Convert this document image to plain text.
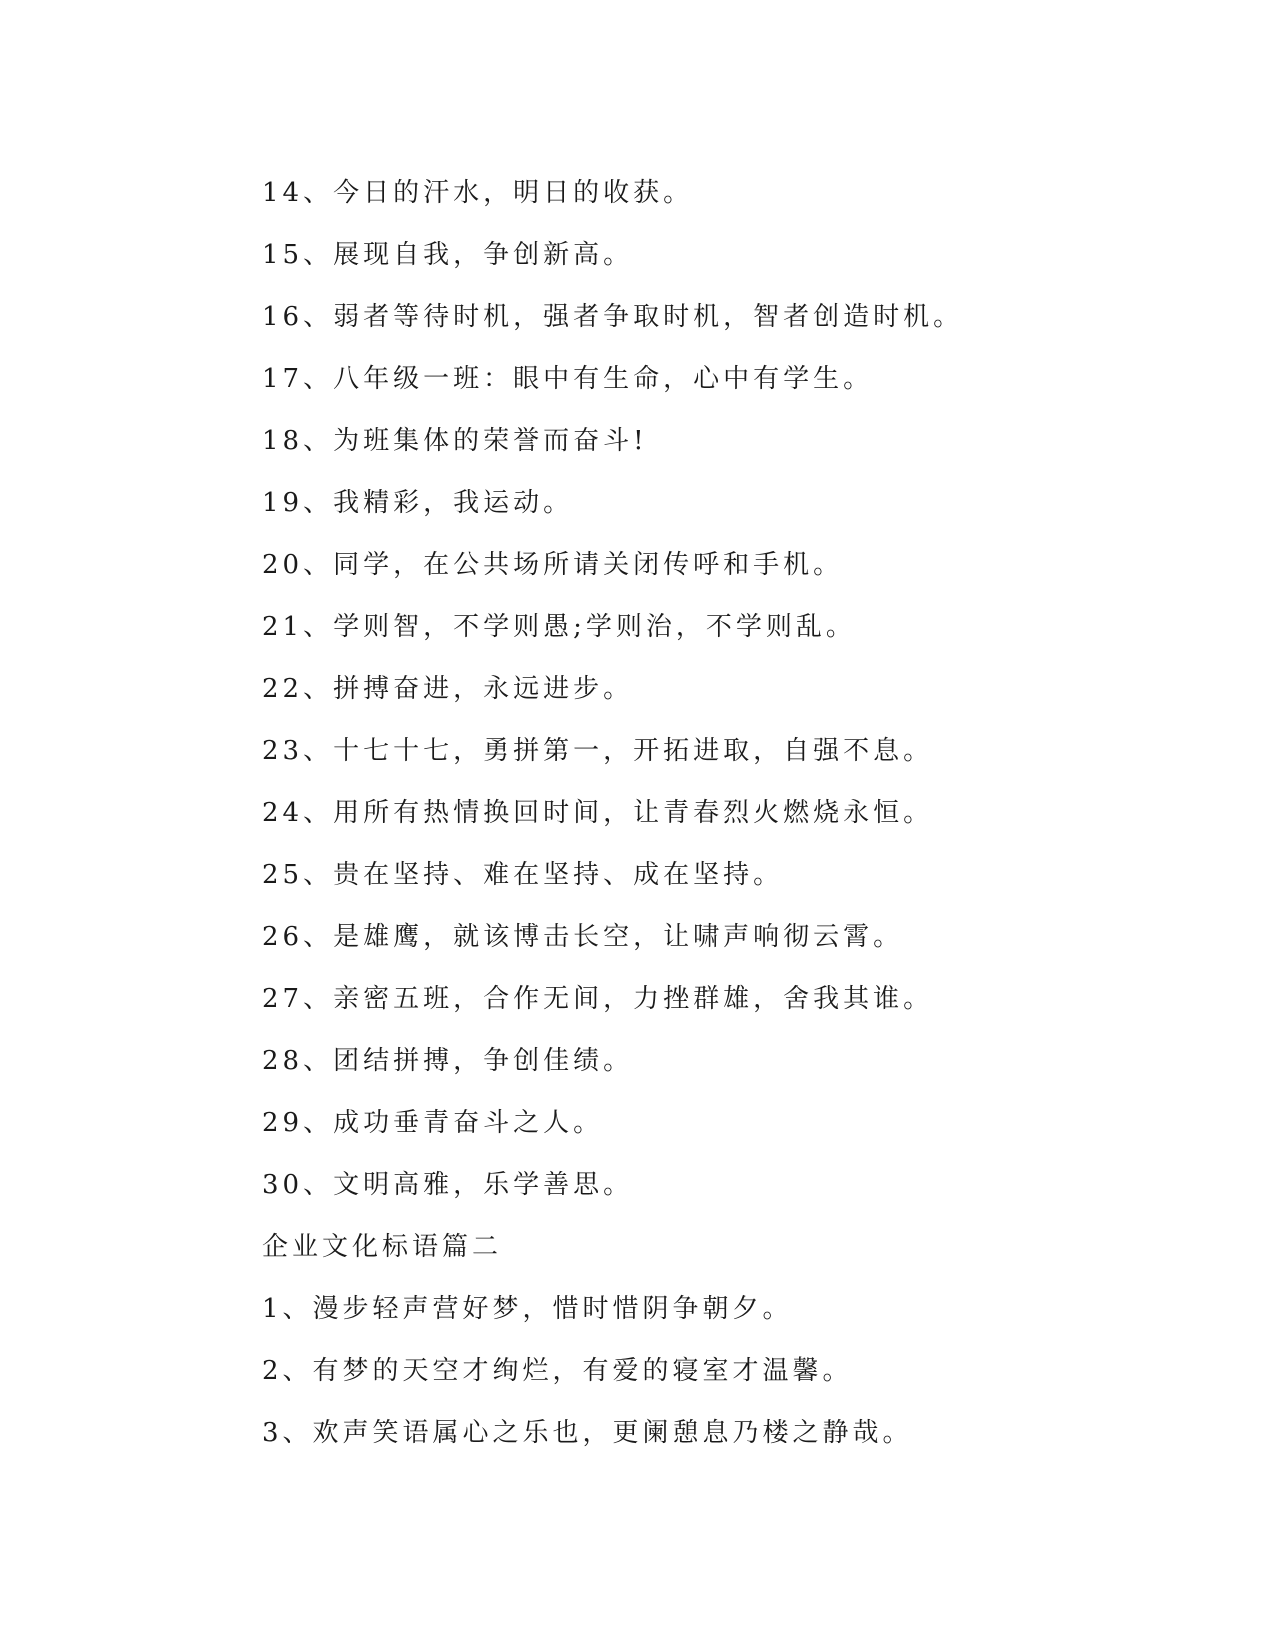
14、今日的汗水，明日的收获。
15、展现自我，争创新高。
16、弱者等待时机，强者争取时机，智者创造时机。
17、八年级一班：眼中有生命，心中有学生。
18、为班集体的荣誉而奋斗!
19、我精彩，我运动。
20、同学，在公共场所请关闭传呼和手机。
21、学则智，不学则愚;学则治，不学则乱。
22、拼搏奋进，永远进步。
23、十七十七，勇拼第一，开拓进取，自强不息。
24、用所有热情换回时间，让青春烈火燃烧永恒。
25、贵在坚持、难在坚持、成在坚持。
26、是雄鹰，就该博击长空，让啸声响彻云霄。
27、亲密五班，合作无间，力挫群雄，舍我其谁。
28、团结拼搏，争创佳绩。
29、成功垂青奋斗之人。
30、文明高雅，乐学善思。
企业文化标语篇二
1、漫步轻声营好梦，惜时惜阴争朝夕。
2、有梦的天空才绚烂，有爱的寝室才温馨。
3、欢声笑语属心之乐也，更阑憩息乃楼之静哉。
